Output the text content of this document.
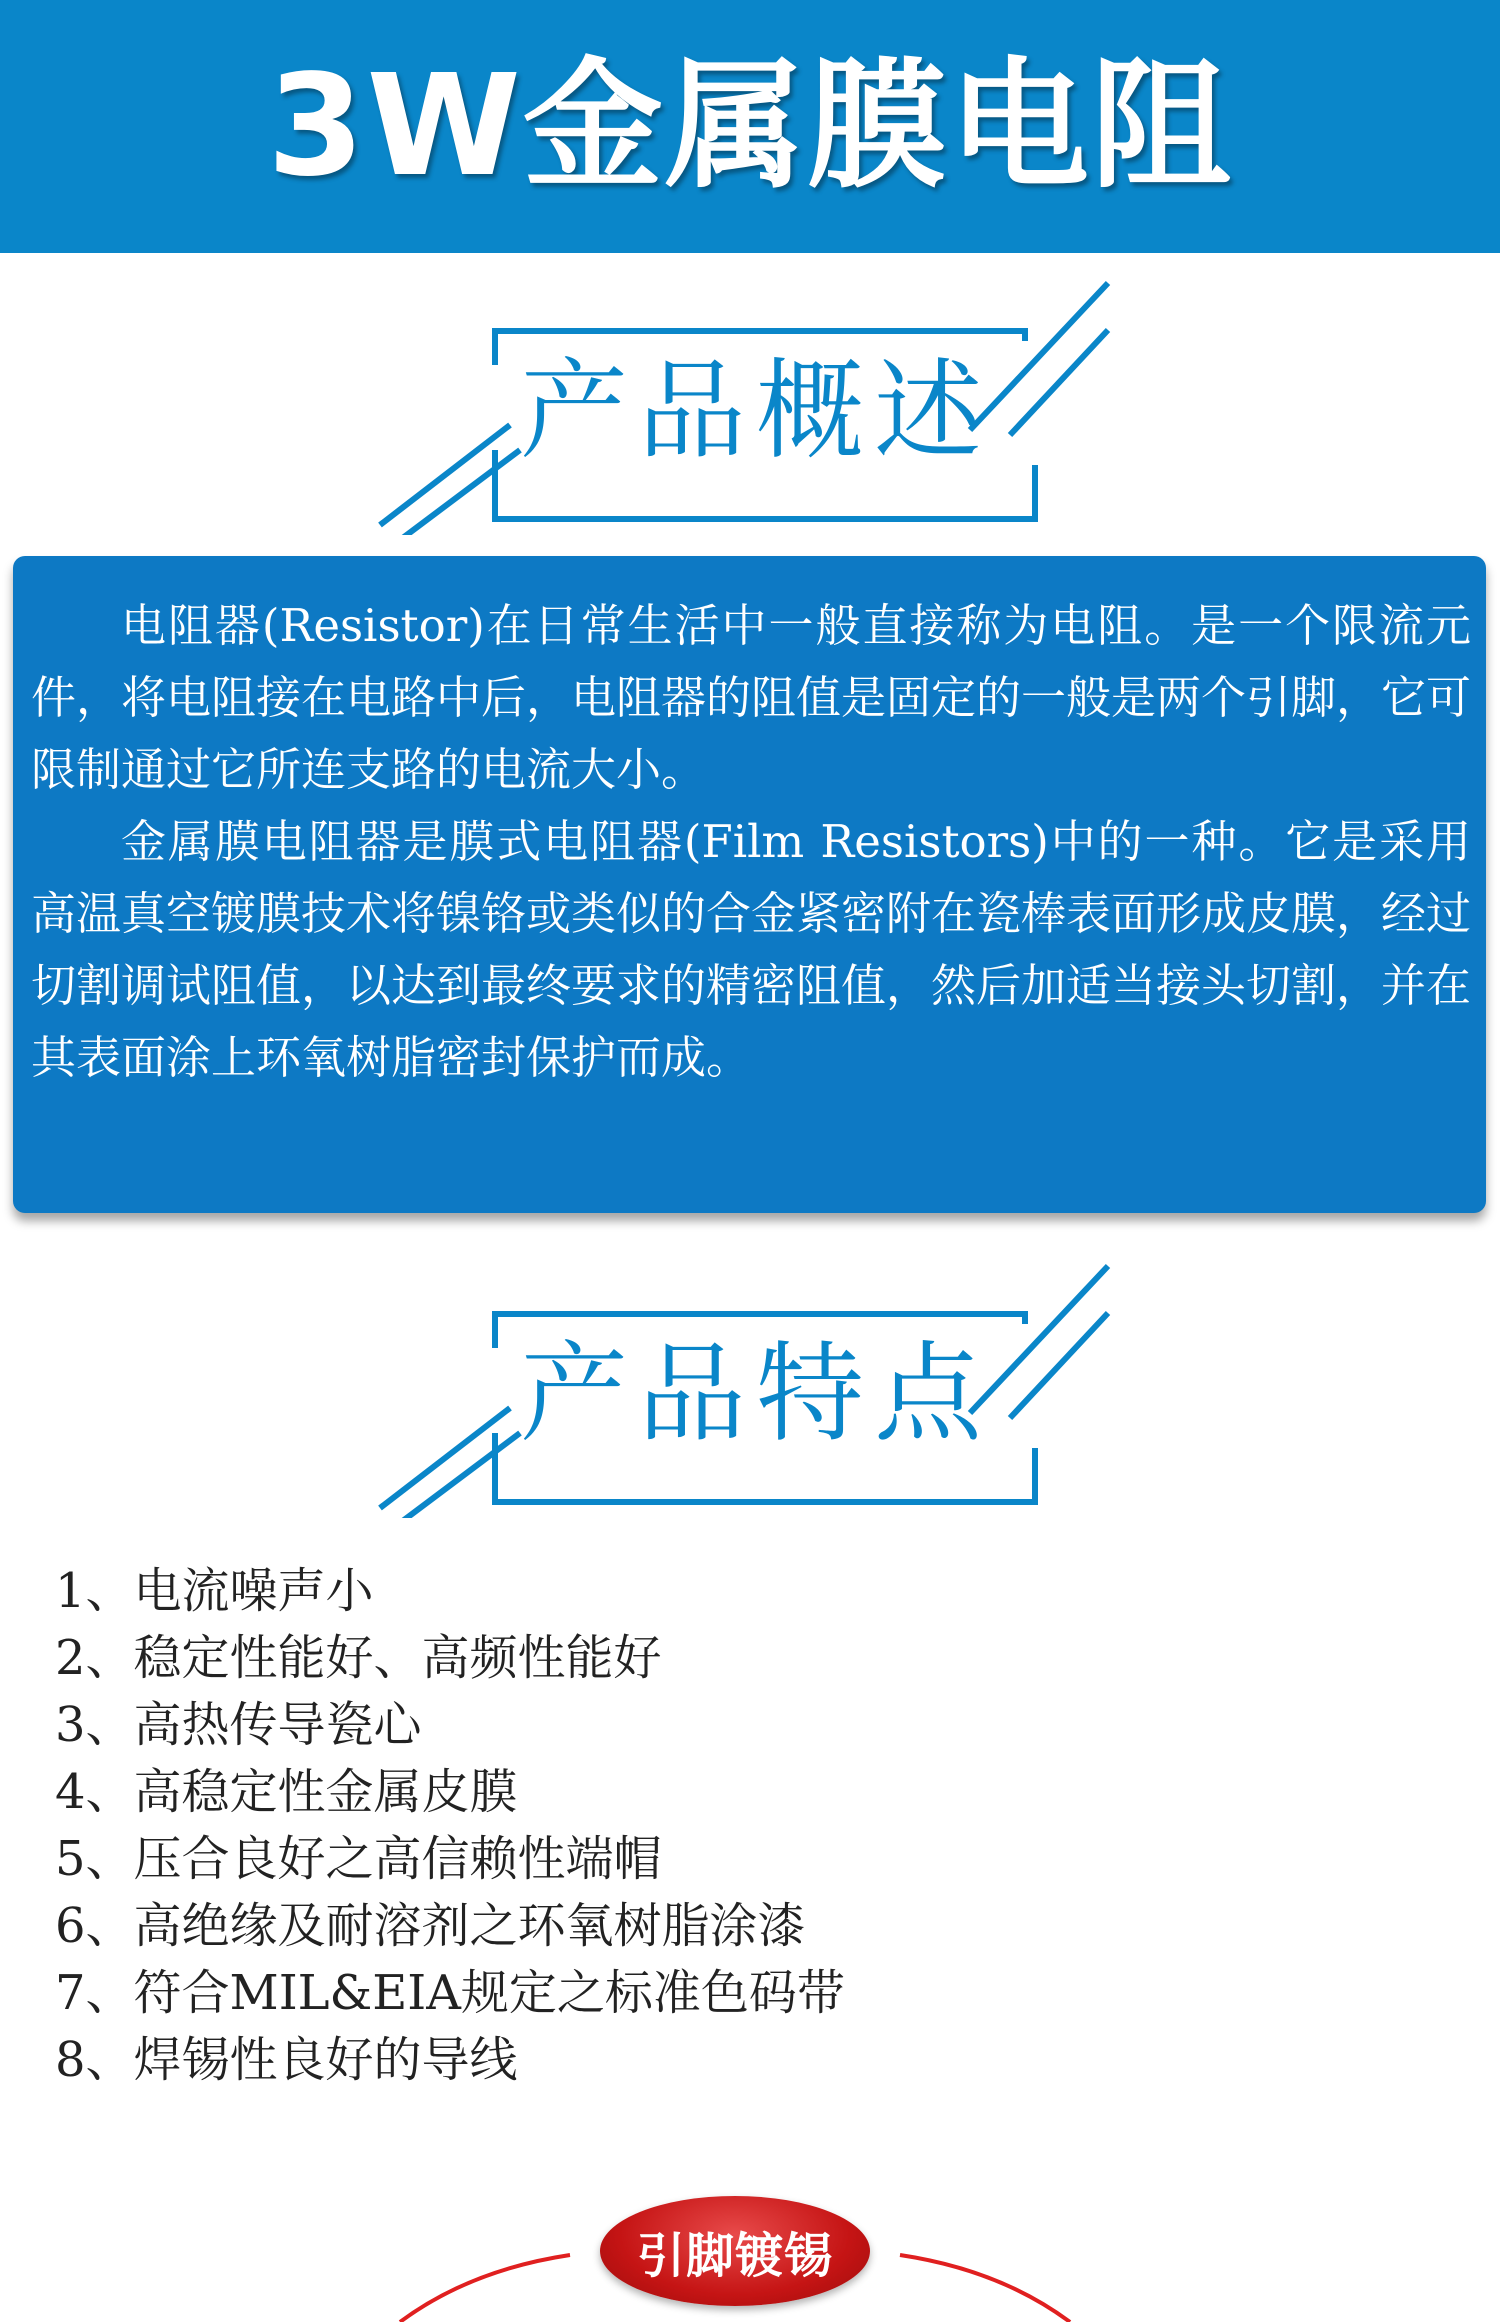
3W金属膜电阻
产品概述

电阻器(Resistor)在日常生活中一般直接称为电阻。是一个限流元件，将电阻接在电路中后，电阻器的阻值是固定的一般是两个引脚，它可限制通过它所连支路的电流大小。

金属膜电阻器是膜式电阻器(Film Resistors)中的一种。它是采用高温真空镀膜技术将镍铬或类似的合金紧密附在瓷棒表面形成皮膜，经过切割调试阻值，以达到最终要求的精密阻值，然后加适当接头切割，并在其表面涂上环氧树脂密封保护而成。

产品特点
1、电流噪声小
2、稳定性能好、高频性能好
3、高热传导瓷心
4、高稳定性金属皮膜
5、压合良好之高信赖性端帽
6、高绝缘及耐溶剂之环氧树脂涂漆
7、符合MIL&EIA规定之标准色码带
8、焊锡性良好的导线
引脚镀锡
